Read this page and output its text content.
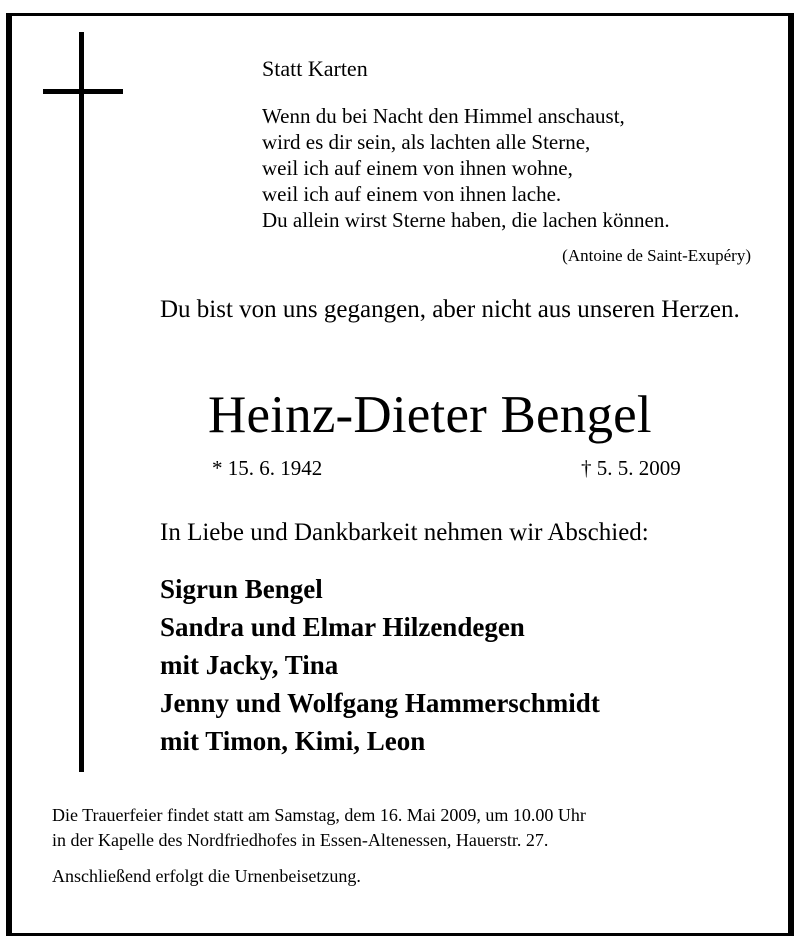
Statt Karten
Wenn du bei Nacht den Himmel anschaust,
wird es dir sein, als lachten alle Sterne,
weil ich auf einem von ihnen wohne,
weil ich auf einem von ihnen lache.
Du allein wirst Sterne haben, die lachen können.
(Antoine de Saint-Exupéry)
Du bist von uns gegangen, aber nicht aus unseren Herzen.
Heinz-Dieter Bengel
* 15. 6. 1942	† 5. 5. 2009
In Liebe und Dankbarkeit nehmen wir Abschied:
Sigrun Bengel
Sandra und Elmar Hilzendegen
mit Jacky, Tina
Jenny und Wolfgang Hammerschmidt
mit Timon, Kimi, Leon
Die Trauerfeier findet statt am Samstag, dem 16. Mai 2009, um 10.00 Uhr
in der Kapelle des Nordfriedhofes in Essen-Altenessen, Hauerstr. 27.
Anschließend erfolgt die Urnenbeisetzung.
